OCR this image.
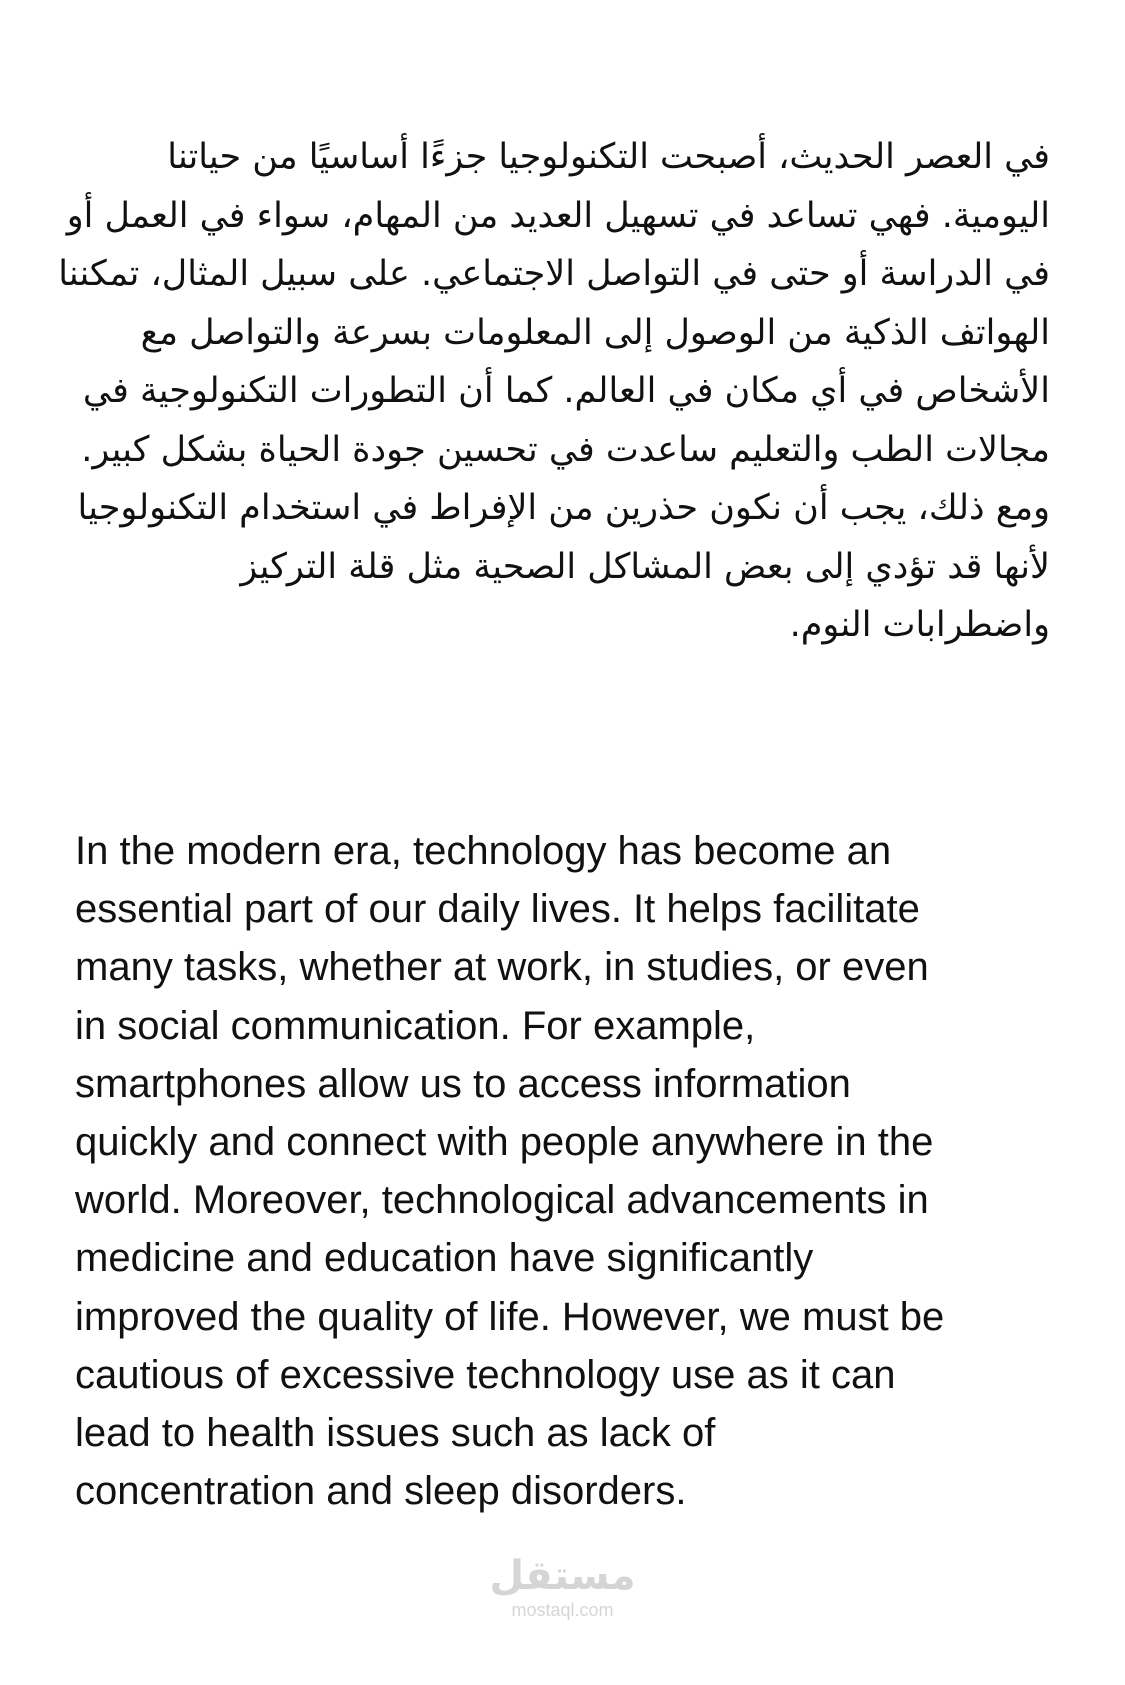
في العصر الحديث، أصبحت التكنولوجيا جزءًا أساسيًا من حياتنا
اليومية. فهي تساعد في تسهيل العديد من المهام، سواء في العمل أو
في الدراسة أو حتى في التواصل الاجتماعي. على سبيل المثال، تمكننا
الهواتف الذكية من الوصول إلى المعلومات بسرعة والتواصل مع
الأشخاص في أي مكان في العالم. كما أن التطورات التكنولوجية في
مجالات الطب والتعليم ساعدت في تحسين جودة الحياة بشكل كبير.
ومع ذلك، يجب أن نكون حذرين من الإفراط في استخدام التكنولوجيا
لأنها قد تؤدي إلى بعض المشاكل الصحية مثل قلة التركيز
واضطرابات النوم.
In the modern era, technology has become an
essential part of our daily lives. It helps facilitate
many tasks, whether at work, in studies, or even
in social communication. For example,
smartphones allow us to access information
quickly and connect with people anywhere in the
world. Moreover, technological advancements in
medicine and education have significantly
improved the quality of life. However, we must be
cautious of excessive technology use as it can
lead to health issues such as lack of
concentration and sleep disorders.
مستقل
mostaql.com
